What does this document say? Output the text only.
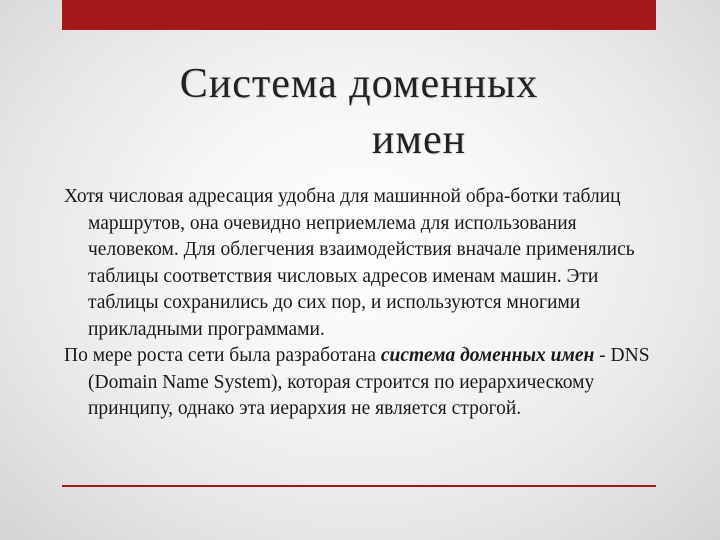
Система доменных
имен

Хотя числовая адресация удобна для машинной обра-ботки таблиц маршрутов, она очевидно неприемлема для использования человеком. Для облегчения взаимодействия вначале применялись таблицы соответствия числовых адресов именам машин. Эти таблицы сохранились до сих пор, и используются многими прикладными программами.

По мере роста сети была разработана система доменных имен - DNS (Domain Name System), которая строится по иерархическому принципу, однако эта иерархия не является строгой.
